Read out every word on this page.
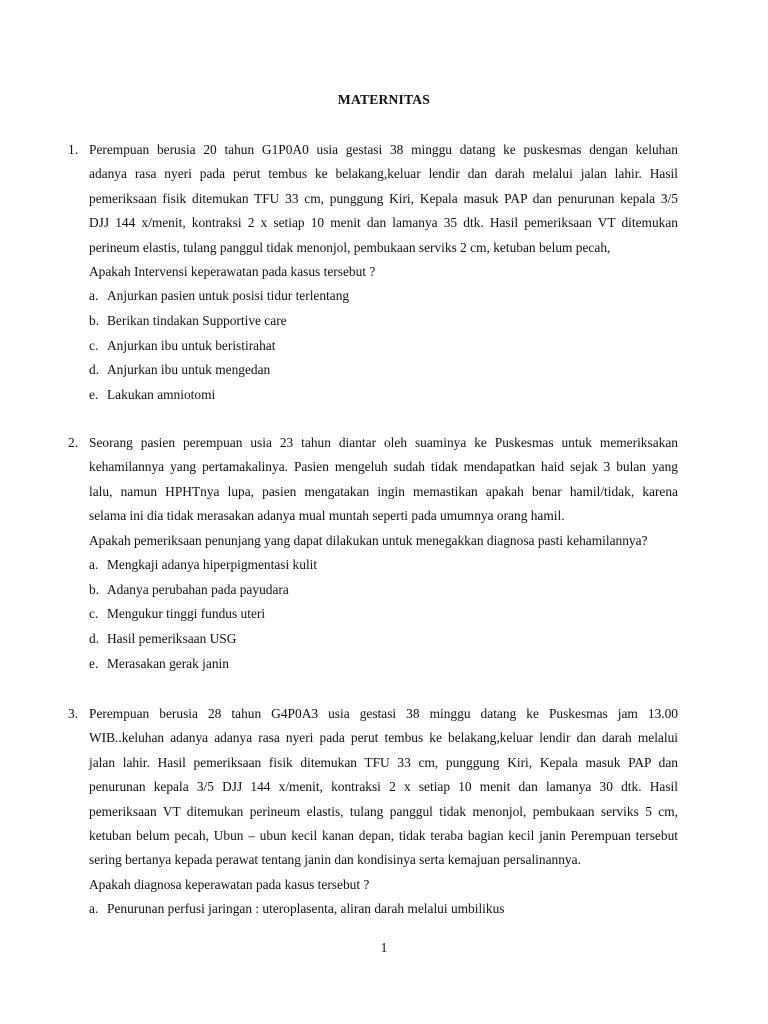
MATERNITAS
1. Perempuan berusia 20 tahun G1P0A0 usia gestasi 38 minggu datang ke puskesmas dengan keluhan
adanya rasa nyeri pada perut tembus ke belakang,keluar lendir dan darah melalui jalan lahir. Hasil
pemeriksaan fisik ditemukan TFU 33 cm, punggung Kiri, Kepala masuk PAP dan penurunan kepala 3/5
DJJ 144 x/menit, kontraksi 2 x setiap 10 menit dan lamanya 35 dtk. Hasil pemeriksaan VT ditemukan
perineum elastis, tulang panggul tidak menonjol, pembukaan serviks 2 cm, ketuban belum pecah,
Apakah Intervensi keperawatan pada kasus tersebut ?
a. Anjurkan pasien untuk posisi tidur terlentang
b. Berikan tindakan Supportive care
c. Anjurkan ibu untuk beristirahat
d. Anjurkan ibu untuk mengedan
e. Lakukan amniotomi
2. Seorang pasien perempuan usia 23 tahun diantar oleh suaminya ke Puskesmas untuk memeriksakan
kehamilannya yang pertamakalinya. Pasien mengeluh sudah tidak mendapatkan haid sejak 3 bulan yang
lalu, namun HPHTnya lupa, pasien mengatakan ingin memastikan apakah benar hamil/tidak, karena
selama ini dia tidak merasakan adanya mual muntah seperti pada umumnya orang hamil.
Apakah pemeriksaan penunjang yang dapat dilakukan untuk menegakkan diagnosa pasti kehamilannya?
a. Mengkaji adanya hiperpigmentasi kulit
b. Adanya perubahan pada payudara
c. Mengukur tinggi fundus uteri
d. Hasil pemeriksaan USG
e. Merasakan gerak janin
3. Perempuan berusia 28 tahun G4P0A3 usia gestasi 38 minggu datang ke Puskesmas jam 13.00
WIB..keluhan adanya adanya rasa nyeri pada perut tembus ke belakang,keluar lendir dan darah melalui
jalan lahir. Hasil pemeriksaan fisik ditemukan TFU 33 cm, punggung Kiri, Kepala masuk PAP dan
penurunan kepala 3/5 DJJ 144 x/menit, kontraksi 2 x setiap 10 menit dan lamanya 30 dtk. Hasil
pemeriksaan VT ditemukan perineum elastis, tulang panggul tidak menonjol, pembukaan serviks 5 cm,
ketuban belum pecah, Ubun – ubun kecil kanan depan, tidak teraba bagian kecil janin Perempuan tersebut
sering bertanya kepada perawat tentang janin dan kondisinya serta kemajuan persalinannya.
Apakah diagnosa keperawatan pada kasus tersebut ?
a. Penurunan perfusi jaringan : uteroplasenta, aliran darah melalui umbilikus
1
